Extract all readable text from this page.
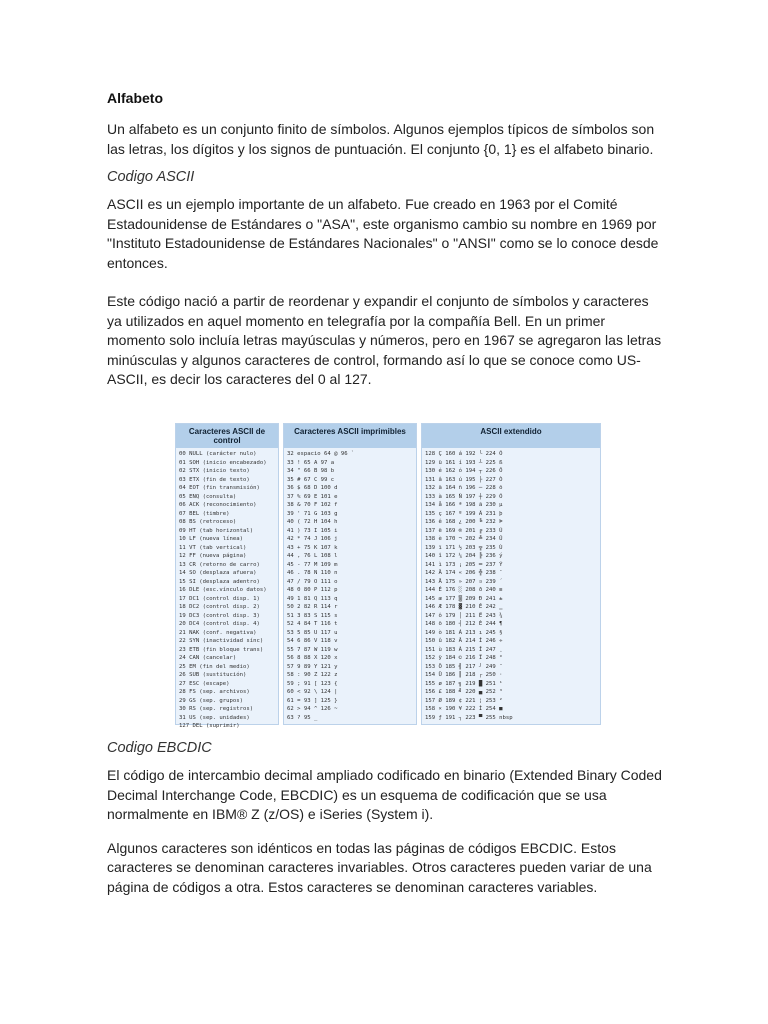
Alfabeto

Un alfabeto es un conjunto finito de símbolos. Algunos ejemplos típicos de símbolos son las letras, los dígitos y los signos de puntuación. El conjunto {0, 1} es el alfabeto binario.

Codigo ASCII

ASCII es un ejemplo importante de un alfabeto. Fue creado en 1963 por el Comité Estadounidense de Estándares o "ASA", este organismo cambio su nombre en 1969 por "Instituto Estadounidense de Estándares Nacionales" o "ANSI" como se lo conoce desde entonces.

Este código nació a partir de reordenar y expandir el conjunto de símbolos y caracteres ya utilizados en aquel momento en telegrafía por la compañía Bell. En un primer momento solo incluía letras mayúsculas y números, pero en 1967 se agregaron las letras minúsculas y algunos caracteres de control, formando así lo que se conoce como US-ASCII, es decir los caracteres del 0 al 127.

Caracteres ASCII de control
00 NULL (carácter nulo)
01 SOH (inicio encabezado)
02 STX (inicio texto)
03 ETX (fin de texto)
04 EOT (fin transmisión)
05 ENQ (consulta)
06 ACK (reconocimiento)
07 BEL (timbre)
08 BS (retroceso)
09 HT (tab horizontal)
10 LF (nueva línea)
11 VT (tab vertical)
12 FF (nueva página)
13 CR (retorno de carro)
14 SO (desplaza afuera)
15 SI (desplaza adentro)
16 DLE (esc.vínculo datos)
17 DC1 (control disp. 1)
18 DC2 (control disp. 2)
19 DC3 (control disp. 3)
20 DC4 (control disp. 4)
21 NAK (conf. negativa)
22 SYN (inactividad sínc)
23 ETB (fin bloque trans)
24 CAN (cancelar)
25 EM (fin del medio)
26 SUB (sustitución)
27 ESC (escape)
28 FS (sep. archivos)
29 GS (sep. grupos)
30 RS (sep. registros)
31 US (sep. unidades)
127 DEL (suprimir)
Caracteres ASCII imprimibles
32 espacio 64 @ 96 `
33 ! 65 A 97 a
34 " 66 B 98 b
35 # 67 C 99 c
36 $ 68 D 100 d
37 % 69 E 101 e
38 & 70 F 102 f
39 ' 71 G 103 g
40 ( 72 H 104 h
41 ) 73 I 105 i
42 * 74 J 106 j
43 + 75 K 107 k
44 , 76 L 108 l
45 - 77 M 109 m
46 . 78 N 110 n
47 / 79 O 111 o
48 0 80 P 112 p
49 1 81 Q 113 q
50 2 82 R 114 r
51 3 83 S 115 s
52 4 84 T 116 t
53 5 85 U 117 u
54 6 86 V 118 v
55 7 87 W 119 w
56 8 88 X 120 x
57 9 89 Y 121 y
58 : 90 Z 122 z
59 ; 91 [ 123 {
60 < 92 \ 124 |
61 = 93 ] 125 }
62 > 94 ^ 126 ~
63 ? 95 _
ASCII extendido
128 Ç 160 á 192 └ 224 Ó
129 ü 161 í 193 ┴ 225 ß
130 é 162 ó 194 ┬ 226 Ô
131 â 163 ú 195 ├ 227 Ò
132 ä 164 ñ 196 ─ 228 õ
133 à 165 Ñ 197 ┼ 229 Õ
134 å 166 ª 198 ã 230 µ
135 ç 167 º 199 Ã 231 þ
136 ê 168 ¿ 200 ╚ 232 Þ
137 ë 169 ® 201 ╔ 233 Ú
138 è 170 ¬ 202 ╩ 234 Û
139 ï 171 ½ 203 ╦ 235 Ù
140 î 172 ¼ 204 ╠ 236 ý
141 ì 173 ¡ 205 ═ 237 Ý
142 Ä 174 « 206 ╬ 238 ¯
143 Å 175 » 207 ¤ 239 ´
144 É 176 ░ 208 ð 240 ≡
145 æ 177 ▒ 209 Ð 241 ±
146 Æ 178 ▓ 210 Ê 242 ‗
147 ô 179 │ 211 Ë 243 ¾
148 ö 180 ┤ 212 È 244 ¶
149 ò 181 Á 213 ı 245 §
150 û 182 Â 214 Í 246 ÷
151 ù 183 À 215 Î 247 ¸
152 ÿ 184 © 216 Ï 248 °
153 Ö 185 ╣ 217 ┘ 249 ¨
154 Ü 186 ║ 218 ┌ 250 ·
155 ø 187 ╗ 219 █ 251 ¹
156 £ 188 ╝ 220 ▄ 252 ³
157 Ø 189 ¢ 221 ¦ 253 ²
158 × 190 ¥ 222 Ì 254 ■
159 ƒ 191 ┐ 223 ▀ 255 nbsp
Codigo EBCDIC

El código de intercambio decimal ampliado codificado en binario (Extended Binary Coded Decimal Interchange Code, EBCDIC) es un esquema de codificación que se usa normalmente en IBM® Z (z/OS) e iSeries (System i).

Algunos caracteres son idénticos en todas las páginas de códigos EBCDIC. Estos caracteres se denominan caracteres invariables. Otros caracteres pueden variar de una página de códigos a otra. Estos caracteres se denominan caracteres variables.
